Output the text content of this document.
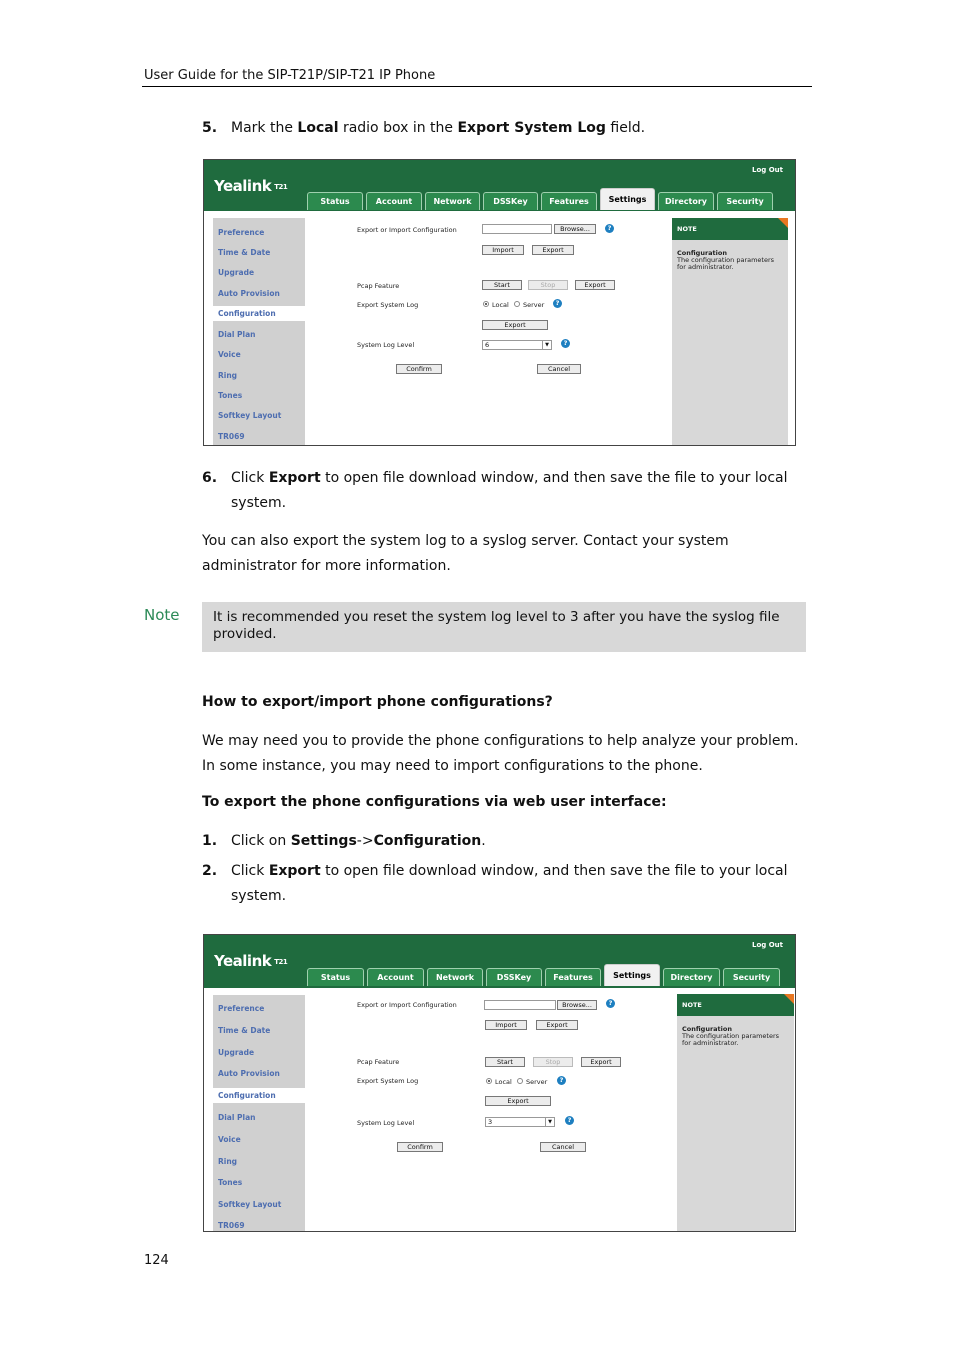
User Guide for the SIP-T21P/SIP-T21 IP Phone
5. Mark the Local radio box in the Export System Log field.
Yealink T21
Log Out
Status	Account	Network	DSSKey	Features	Settings	Directory	Security
Preference
Time & Date
Upgrade
Auto Provision
Configuration
Dial Plan
Voice
Ring
Tones
Softkey Layout
TR069
Export or Import Configuration	Browse...	?
Import	Export
Pcap Feature	Start	Stop	Export
Export System Log	Local Server	?
Export
System Log Level	6	▼	?
Confirm	Cancel
NOTE
Configuration
The configuration parameters for administrator.
6. Click Export to open file download window, and then save the file to your local system.
You can also export the system log to a syslog server. Contact your system administrator for more information.
Note	It is recommended you reset the system log level to 3 after you have the syslog file provided.
How to export/import phone configurations?
We may need you to provide the phone configurations to help analyze your problem. In some instance, you may need to import configurations to the phone.
To export the phone configurations via web user interface:
1. Click on Settings->Configuration.
2. Click Export to open file download window, and then save the file to your local system.
Yealink T21
Log Out
Status	Account	Network	DSSKey	Features	Settings	Directory	Security
Preference
Time & Date
Upgrade
Auto Provision
Configuration
Dial Plan
Voice
Ring
Tones
Softkey Layout
TR069
Export or Import Configuration	Browse...	?
Import	Export
Pcap Feature	Start	Stop	Export
Export System Log	Local Server	?
Export
System Log Level	3	▼	?
Confirm	Cancel
NOTE
Configuration
The configuration parameters for administrator.
124
